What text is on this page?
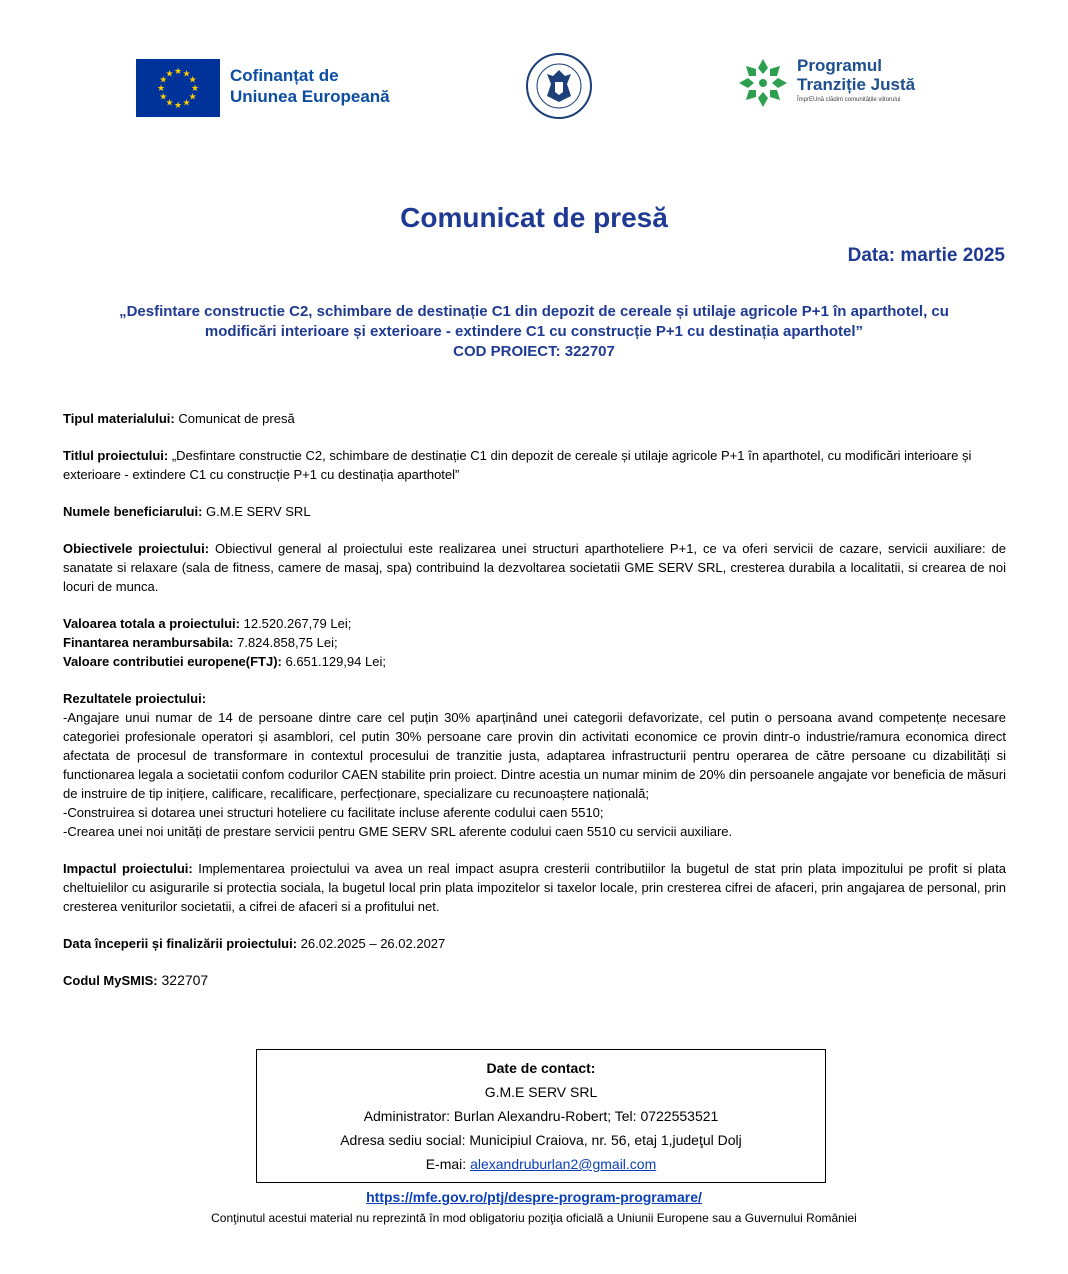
★ ★
★
★
★
★
★
★
★
★
★
★	Cofinanțat de
Uniunea Europeană
Programul
Tranziție Justă
ÎmprEUnă clădim comunitățile viitorului
Comunicat de presă
Data: martie 2025
„Desfintare constructie C2, schimbare de destinație C1 din depozit de cereale și utilaje agricole P+1 în aparthotel, cu
modificări interioare și exterioare - extindere C1 cu construcție P+1 cu destinația aparthotel”
COD PROIECT: 322707

Tipul materialului: Comunicat de presă

Titlul proiectului: „Desfintare constructie C2, schimbare de destinație C1 din depozit de cereale și utilaje agricole P+1 în aparthotel, cu modificări interioare și exterioare - extindere C1 cu construcție P+1 cu destinația aparthotel”

Numele beneficiarului: G.M.E SERV SRL

Obiectivele proiectului: Obiectivul general al proiectului este realizarea unei structuri aparthoteliere P+1, ce va oferi servicii de cazare, servicii auxiliare: de sanatate si relaxare (sala de fitness, camere de masaj, spa) contribuind la dezvoltarea societatii GME SERV SRL, cresterea durabila a localitatii, si crearea de noi locuri de munca.

Valoarea totala a proiectului: 12.520.267,79 Lei;
Finantarea nerambursabila: 7.824.858,75 Lei;
Valoare contributiei europene(FTJ): 6.651.129,94 Lei;

Rezultatele proiectului:
-Angajare unui numar de 14 de persoane dintre care cel puțin 30% aparținând unei categorii defavorizate, cel putin o persoana avand competențe necesare categoriei profesionale operatori și asamblori, cel putin 30% persoane care provin din activitati economice ce provin dintr-o industrie/ramura economica direct afectata de procesul de transformare in contextul procesului de tranzitie justa, adaptarea infrastructurii pentru operarea de către persoane cu dizabilități si functionarea legala a societatii confom codurilor CAEN stabilite prin proiect. Dintre acestia un numar minim de 20% din persoanele angajate vor beneficia de măsuri de instruire de tip inițiere, calificare, recalificare, perfecționare, specializare cu recunoaștere națională;
-Construirea si dotarea unei structuri hoteliere cu facilitate incluse aferente codului caen 5510;
-Crearea unei noi unități de prestare servicii pentru GME SERV SRL aferente codului caen 5510 cu servicii auxiliare.

Impactul proiectului: Implementarea proiectului va avea un real impact asupra cresterii contributiilor la bugetul de stat prin plata impozitului pe profit si plata cheltuielilor cu asigurarile si protectia sociala, la bugetul local prin plata impozitelor si taxelor locale, prin cresterea cifrei de afaceri, prin angajarea de personal, prin cresterea veniturilor societatii, a cifrei de afaceri si a profitului net.

Data începerii și finalizării proiectului: 26.02.2025 – 26.02.2027

Codul MySMIS: 322707

Date de contact:
G.M.E SERV SRL
Administrator: Burlan Alexandru-Robert; Tel: 0722553521
Adresa sediu social: Municipiul Craiova, nr. 56, etaj 1,judeţul Dolj
E-mai: alexandruburlan2@gmail.com
https://mfe.gov.ro/ptj/despre-program-programare/
Conţinutul acestui material nu reprezintă în mod obligatoriu poziţia oficială a Uniunii Europene sau a Guvernului României
